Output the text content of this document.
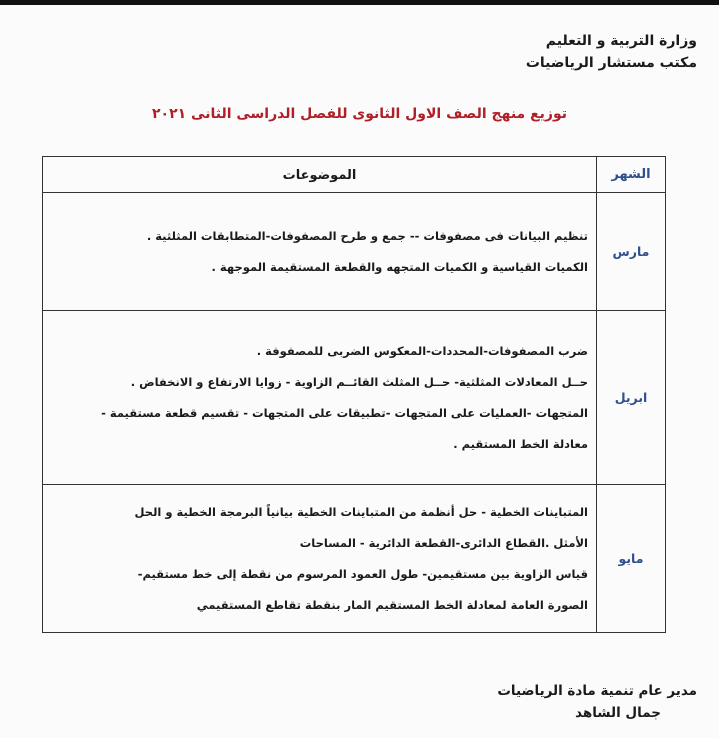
وزارة التربية و التعليم
مكتب مستشار الرياضيات
توزيع منهج الصف الاول الثانوى للفصل الدراسى الثانى ٢٠٢١
الشهر	الموضوعات
مارس	تنظيم البيانات فى مصفوفات -- جمع و طرح المصفوفات-المتطابقات المثلثية .
الكميات القياسية و الكميات المتجهه والقطعة المستقيمة الموجهة .

ابريل	ضرب المصفوفات-المحددات-المعكوس الضربى للمصفوفة .
حــل المعادلات المثلثية- حــل المثلث القائــم الزاوية - زوايا الارتفاع و الانخفاض .
المتجهات -العمليات على المتجهات -تطبيقات على المتجهات - تقسيم قطعة مستقيمة -
معادلة الخط المستقيم .

مايو	المتباينات الخطية - حل أنظمة من المتباينات الخطية بيانياً البرمجة الخطية و الحل
الأمثل .القطاع الدائرى-القطعة الدائرية - المساحات
قياس الزاوية بين مستقيمين- طول العمود المرسوم من نقطة إلى خط مستقيم-
الصورة العامة لمعادلة الخط المستقيم المار بنقطة تقاطع المستقيمي
مدير عام تنمية مادة الرياضيات
جمال الشاهد
